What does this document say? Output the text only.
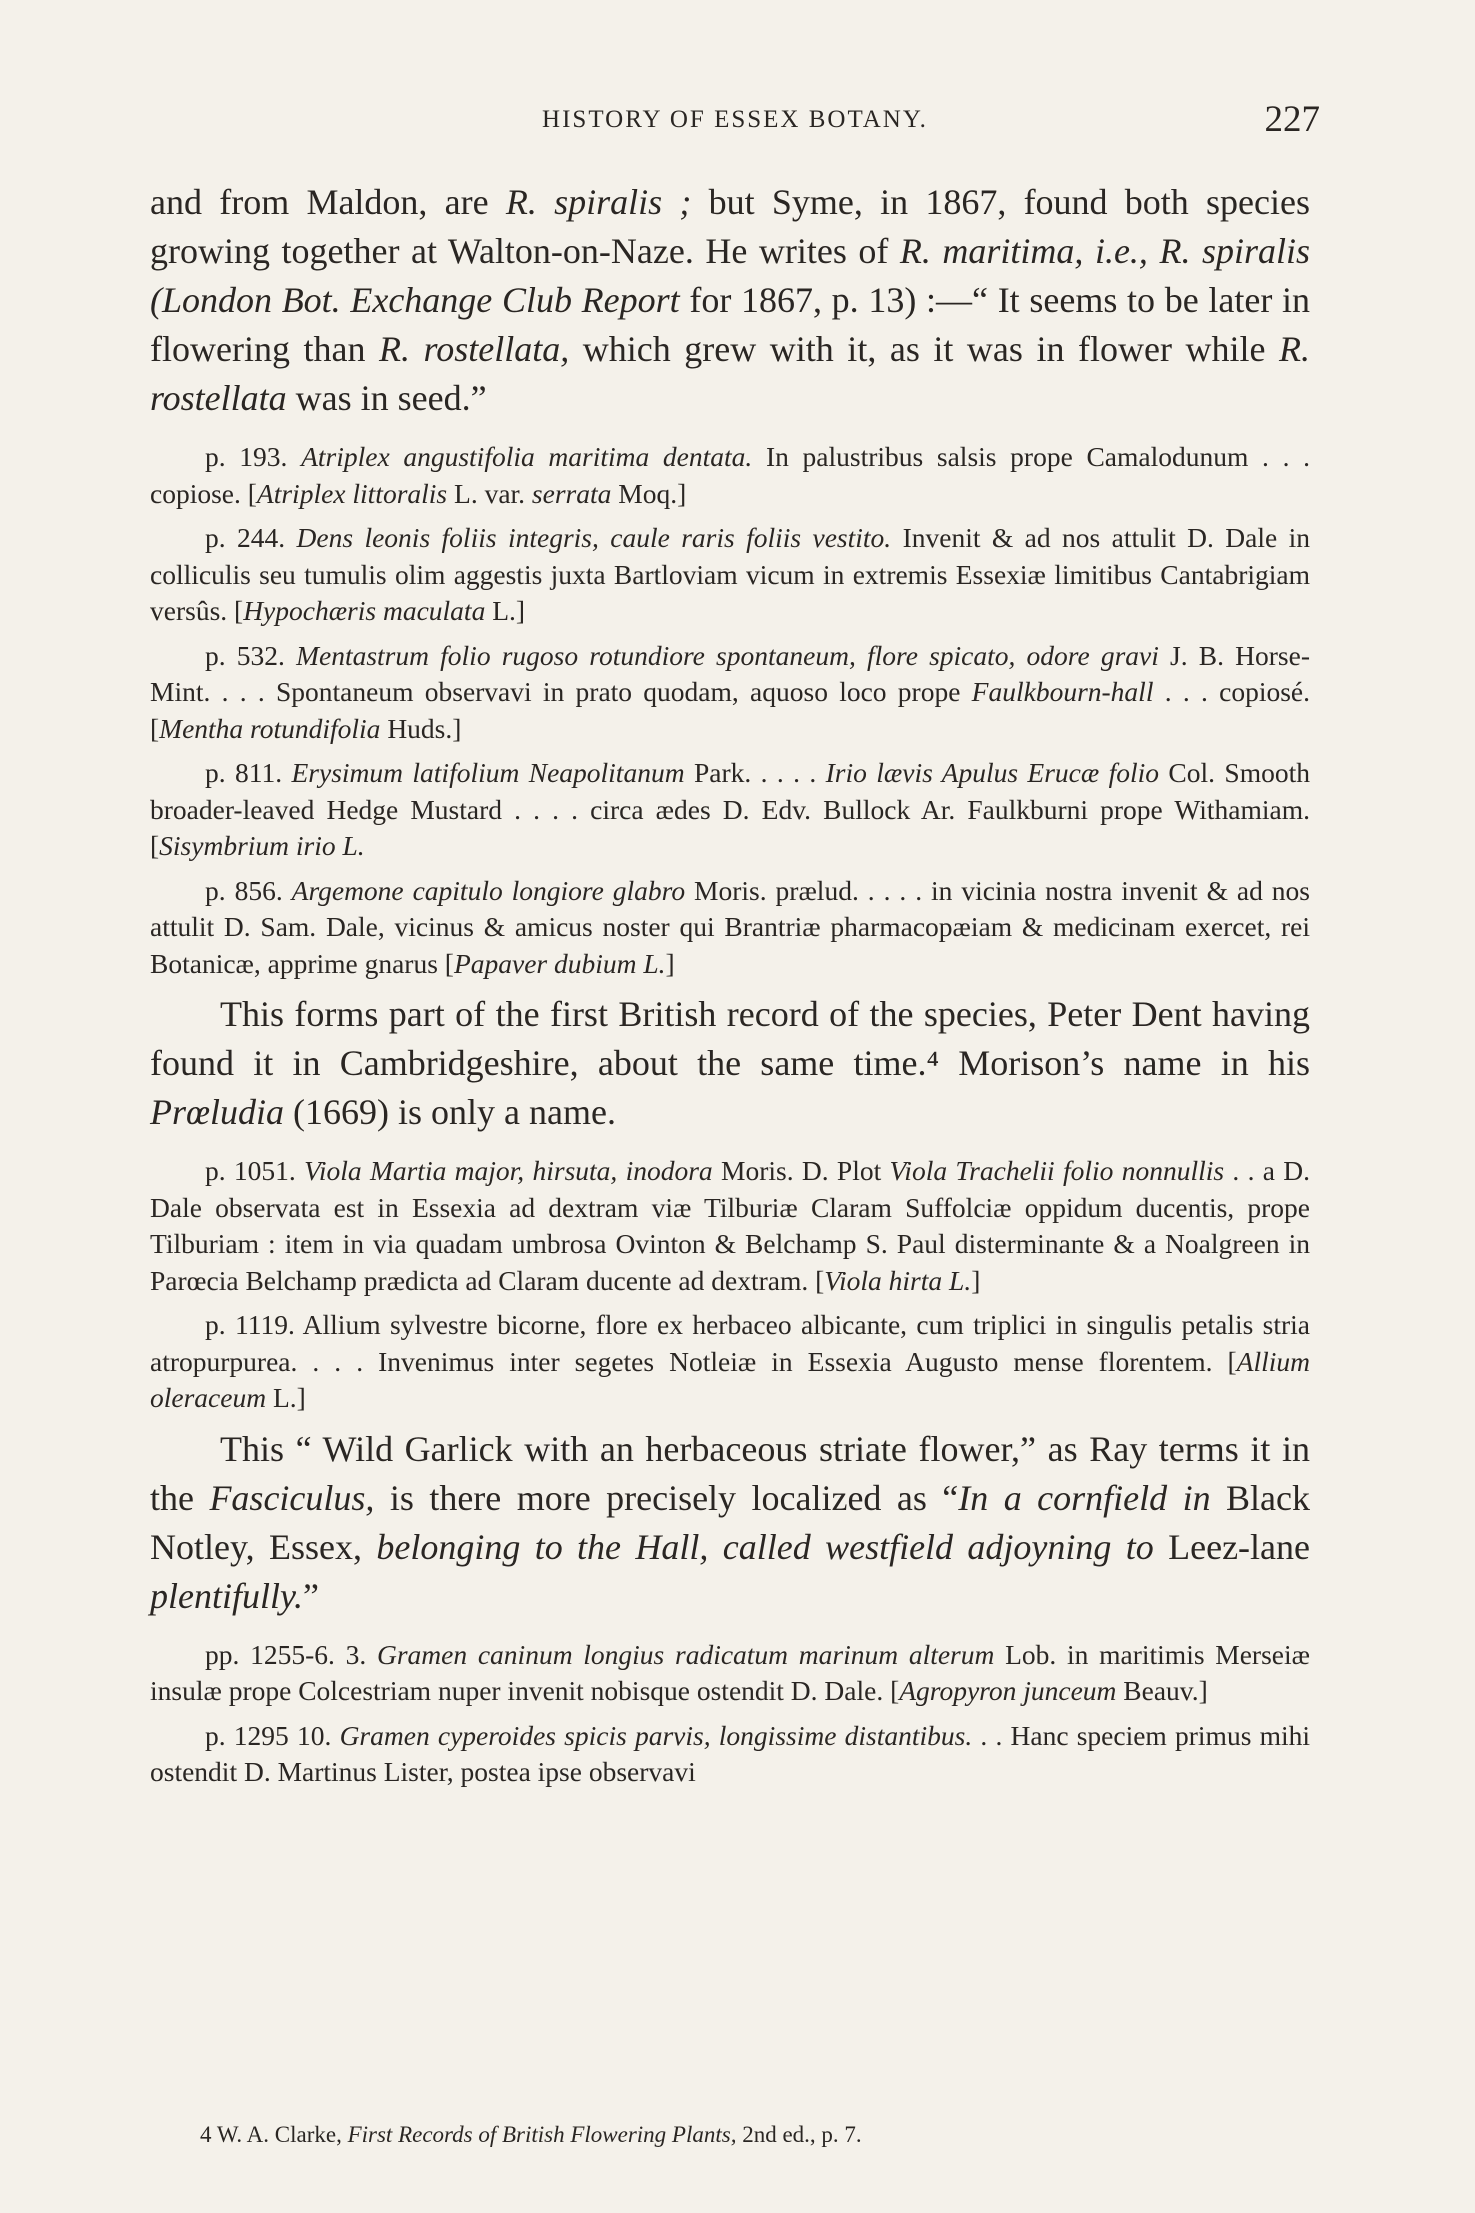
HISTORY OF ESSEX BOTANY.	227

and from Maldon, are R. spiralis ; but Syme, in 1867, found both species growing together at Walton-on-Naze. He writes of R. maritima, i.e., R. spiralis (London Bot. Exchange Club Report for 1867, p. 13) :—“ It seems to be later in flowering than R. rostellata, which grew with it, as it was in flower while R. rostellata was in seed.”

p. 193. Atriplex angustifolia maritima dentata. In palustribus salsis prope Camalodunum . . . copiose. [Atriplex littoralis L. var. serrata Moq.]

p. 244. Dens leonis foliis integris, caule raris foliis vestito. Invenit & ad nos attulit D. Dale in colliculis seu tumulis olim aggestis juxta Bartloviam vicum in extremis Essexiæ limitibus Cantabrigiam versûs. [Hypochæris maculata L.]

p. 532. Mentastrum folio rugoso rotundiore spontaneum, flore spicato, odore gravi J. B. Horse-Mint. . . . Spontaneum observavi in prato quodam, aquoso loco prope Faulkbourn-hall . . . copiosé. [Mentha rotundifolia Huds.]

p. 811. Erysimum latifolium Neapolitanum Park. . . . . Irio lævis Apulus Erucæ folio Col. Smooth broader-leaved Hedge Mustard . . . . circa ædes D. Edv. Bullock Ar. Faulkburni prope Withamiam. [Sisymbrium irio L.

p. 856. Argemone capitulo longiore glabro Moris. prælud. . . . . in vicinia nostra invenit & ad nos attulit D. Sam. Dale, vicinus & amicus noster qui Brantriæ pharmacopæiam & medicinam exercet, rei Botanicæ, apprime gnarus [Papaver dubium L.]

This forms part of the first British record of the species, Peter Dent having found it in Cambridgeshire, about the same time.⁴ Morison’s name in his Prœludia (1669) is only a name.

p. 1051. Viola Martia major, hirsuta, inodora Moris. D. Plot Viola Trachelii folio nonnullis . . a D. Dale observata est in Essexia ad dextram viæ Tilburiæ Claram Suffolciæ oppidum ducentis, prope Tilburiam : item in via quadam umbrosa Ovinton & Belchamp S. Paul disterminante & a Noalgreen in Parœcia Belchamp prædicta ad Claram ducente ad dextram. [Viola hirta L.]

p. 1119. Allium sylvestre bicorne, flore ex herbaceo albicante, cum triplici in singulis petalis stria atropurpurea. . . . Invenimus inter segetes Notleiæ in Essexia Augusto mense florentem. [Allium oleraceum L.]

This “ Wild Garlick with an herbaceous striate flower,” as Ray terms it in the Fasciculus, is there more precisely localized as “In a cornfield in Black Notley, Essex, belonging to the Hall, called westfield adjoyning to Leez-lane plentifully.”

pp. 1255-6. 3. Gramen caninum longius radicatum marinum alterum Lob. in maritimis Merseiæ insulæ prope Colcestriam nuper invenit nobisque ostendit D. Dale. [Agropyron junceum Beauv.]

p. 1295 10. Gramen cyperoides spicis parvis, longissime distantibus. . . Hanc speciem primus mihi ostendit D. Martinus Lister, postea ipse observavi

4 W. A. Clarke, First Records of British Flowering Plants, 2nd ed., p. 7.
